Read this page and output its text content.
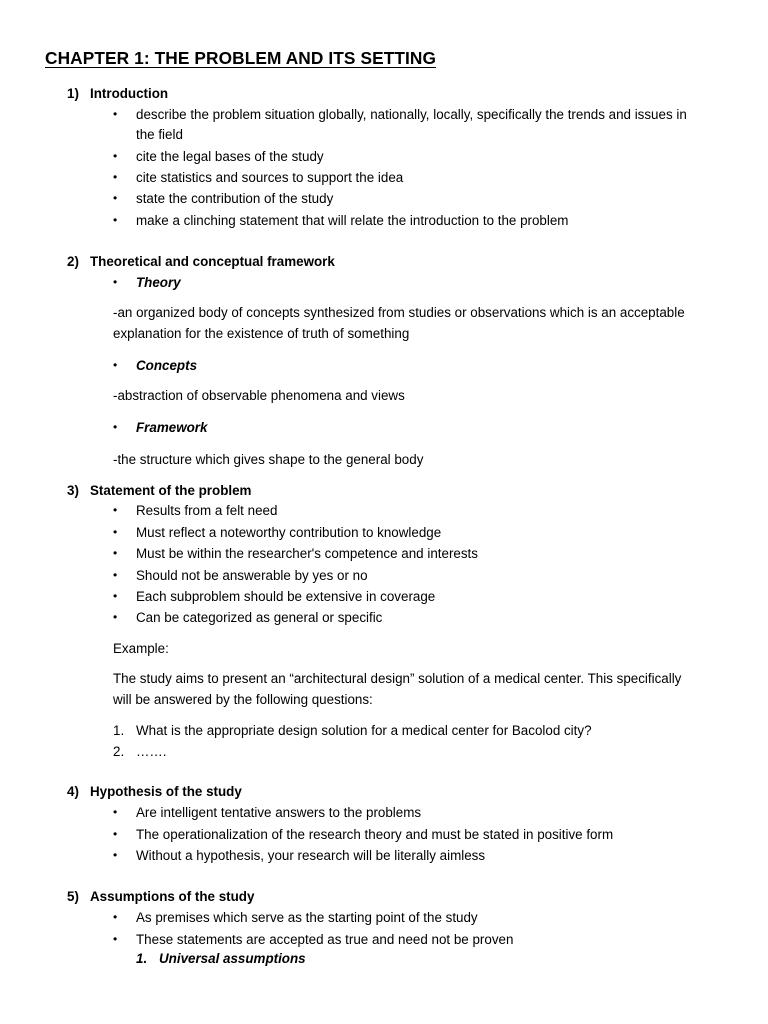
CHAPTER 1: THE PROBLEM AND ITS SETTING
1) Introduction
• describe the problem situation globally, nationally, locally, specifically the trends and issues in
the field
• cite the legal bases of the study
• cite statistics and sources to support the idea
• state the contribution of the study
• make a clinching statement that will relate the introduction to the problem
2) Theoretical and conceptual framework
• Theory
-an organized body of concepts synthesized from studies or observations which is an acceptable
explanation for the existence of truth of something
• Concepts
-abstraction of observable phenomena and views
• Framework
-the structure which gives shape to the general body
3) Statement of the problem
• Results from a felt need
• Must reflect a noteworthy contribution to knowledge
• Must be within the researcher's competence and interests
• Should not be answerable by yes or no
• Each subproblem should be extensive in coverage
• Can be categorized as general or specific
Example:
The study aims to present an “architectural design” solution of a medical center. This specifically
will be answered by the following questions:
1. What is the appropriate design solution for a medical center for Bacolod city?
2. …….
4) Hypothesis of the study
• Are intelligent tentative answers to the problems
• The operationalization of the research theory and must be stated in positive form
• Without a hypothesis, your research will be literally aimless
5) Assumptions of the study
• As premises which serve as the starting point of the study
• These statements are accepted as true and need not be proven
1. Universal assumptions
